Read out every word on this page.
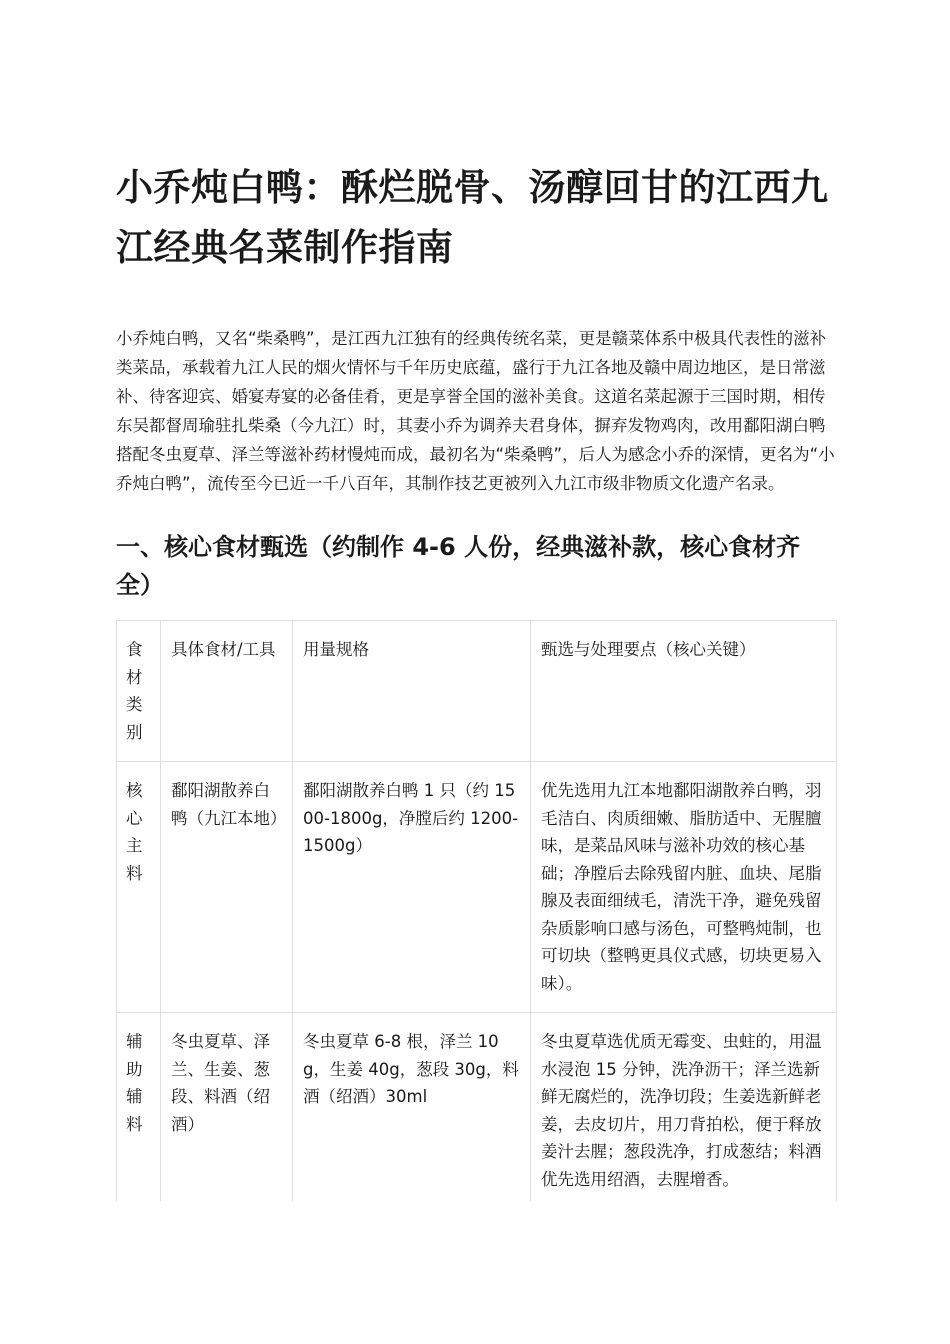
小乔炖白鸭：酥烂脱骨、汤醇回甘的江西九江经典名菜制作指南

小乔炖白鸭，又名“柴桑鸭”，是江西九江独有的经典传统名菜，更是赣菜体系中极具代表性的滋补类菜品，承载着九江人民的烟火情怀与千年历史底蕴，盛行于九江各地及赣中周边地区，是日常滋补、待客迎宾、婚宴寿宴的必备佳肴，更是享誉全国的滋补美食。这道名菜起源于三国时期，相传东吴都督周瑜驻扎柴桑（今九江）时，其妻小乔为调养夫君身体，摒弃发物鸡肉，改用鄱阳湖白鸭搭配冬虫夏草、泽兰等滋补药材慢炖而成，最初名为“柴桑鸭”，后人为感念小乔的深情，更名为“小乔炖白鸭”，流传至今已近一千八百年，其制作技艺更被列入九江市级非物质文化遗产名录。

一、核心食材甄选（约制作 4-6 人份，经典滋补款，核心食材齐全）
食材类别	具体食材/工具	用量规格	甄选与处理要点（核心关键）
核心主料	鄱阳湖散养白鸭（九江本地）	鄱阳湖散养白鸭 1 只（约 1500-1800g，净膛后约 1200-1500g）	优先选用九江本地鄱阳湖散养白鸭，羽毛洁白、肉质细嫩、脂肪适中、无腥膻味，是菜品风味与滋补功效的核心基础；净膛后去除残留内脏、血块、尾脂腺及表面细绒毛，清洗干净，避免残留杂质影响口感与汤色，可整鸭炖制，也可切块（整鸭更具仪式感，切块更易入味）。
辅助辅料	冬虫夏草、泽兰、生姜、葱段、料酒（绍酒）	冬虫夏草 6-8 根，泽兰 10g，生姜 40g，葱段 30g，料酒（绍酒）30ml	冬虫夏草选优质无霉变、虫蛀的，用温水浸泡 15 分钟，洗净沥干；泽兰选新鲜无腐烂的，洗净切段；生姜选新鲜老姜，去皮切片，用刀背拍松，便于释放姜汁去腥；葱段洗净，打成葱结；料酒优先选用绍酒，去腥增香。
